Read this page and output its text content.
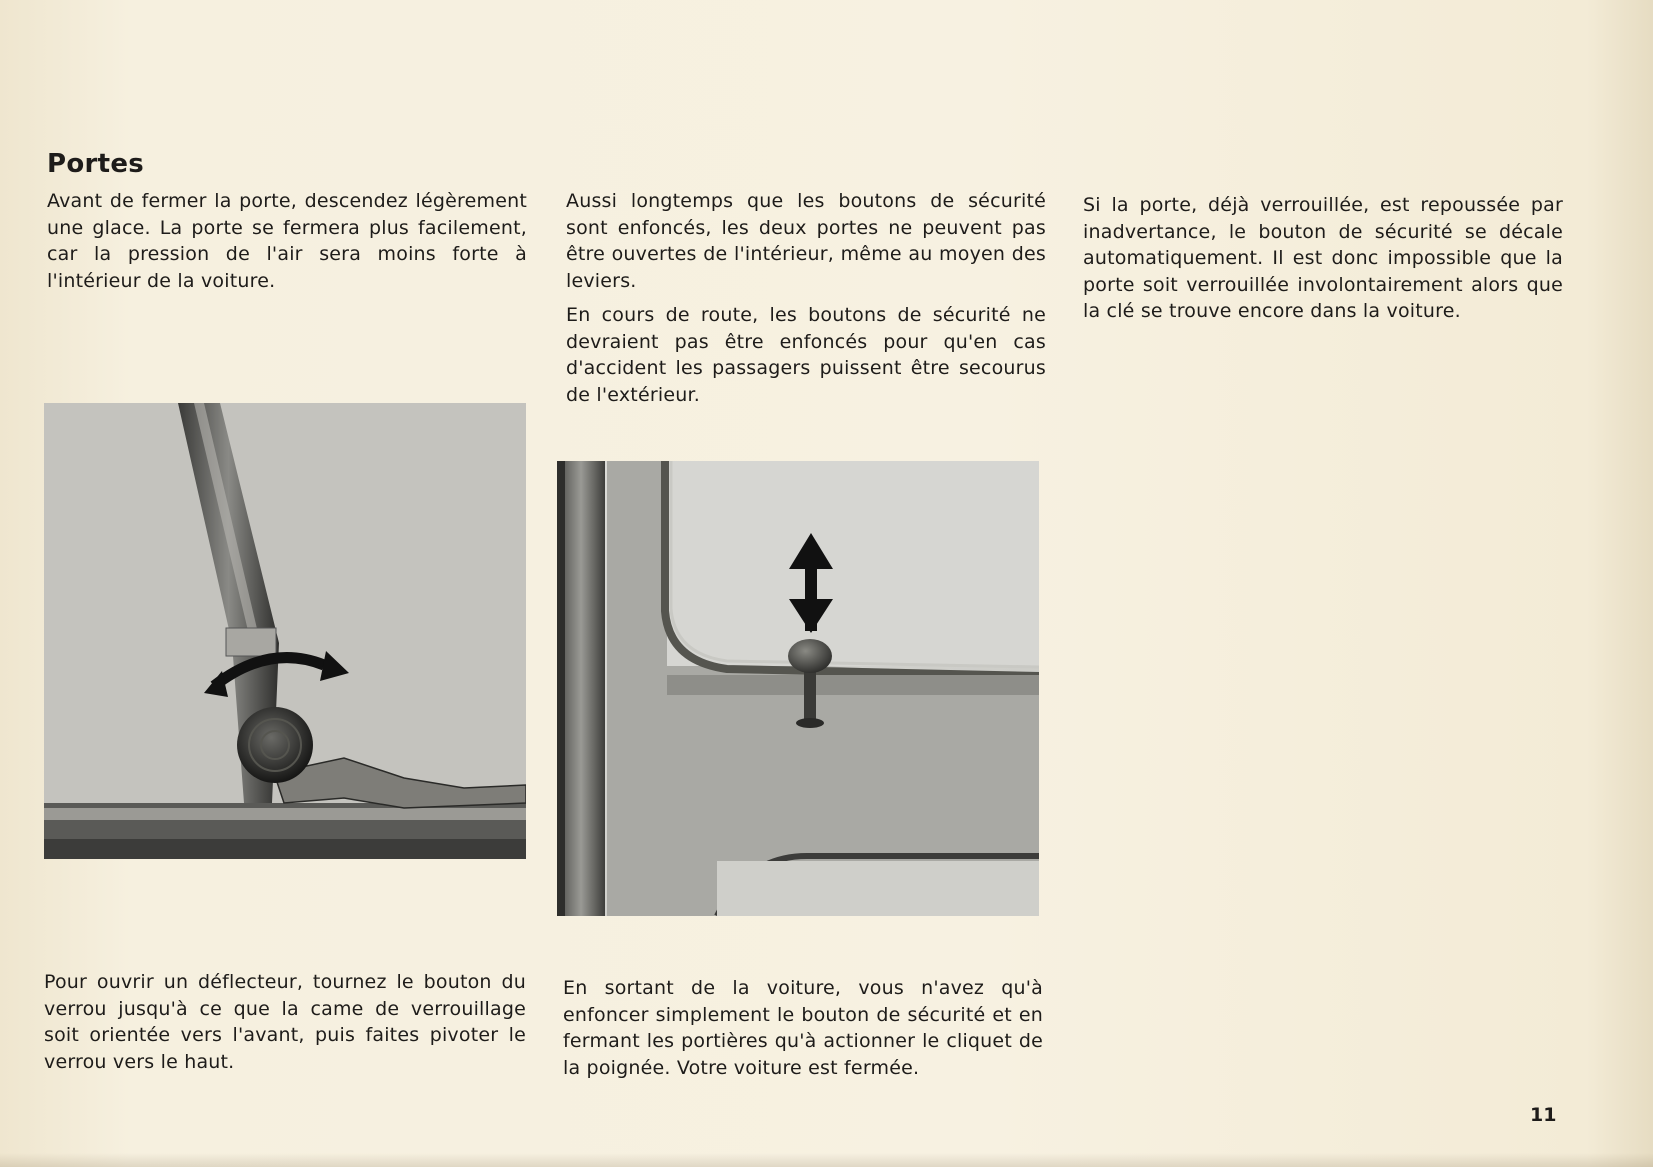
Portes

Avant de fermer la porte, descendez légèrement une glace. La porte se fermera plus facilement, car la pression de l'air sera moins forte à l'intérieur de la voiture.

Aussi longtemps que les boutons de sécurité sont enfoncés, les deux portes ne peuvent pas être ouvertes de l'intérieur, même au moyen des leviers.

En cours de route, les boutons de sécurité ne devraient pas être enfoncés pour qu'en cas d'accident les passagers puissent être secourus de l'extérieur.

Si la porte, déjà verrouillée, est repoussée par inadvertance, le bouton de sécurité se décale automatiquement. Il est donc impossible que la porte soit verrouillée involontairement alors que la clé se trouve encore dans la voiture.

Pour ouvrir un déflecteur, tournez le bouton du verrou jusqu'à ce que la came de verrouillage soit orientée vers l'avant, puis faites pivoter le verrou vers le haut.

En sortant de la voiture, vous n'avez qu'à enfoncer simplement le bouton de sécurité et en fermant les portières qu'à actionner le cliquet de la poignée. Votre voiture est fermée.

11
